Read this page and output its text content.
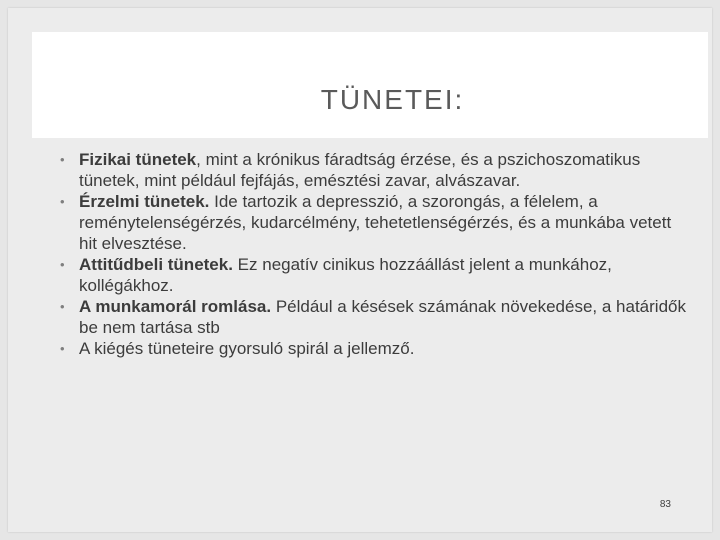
TÜNETEI:
• Fizikai tünetek, mint a krónikus fáradtság érzése, és a pszichoszomatikus tünetek, mint például fejfájás, emésztési zavar, alvászavar.
• Érzelmi tünetek. Ide tartozik a depresszió, a szorongás, a félelem, a reménytelenségérzés, kudarcélmény, tehetetlenségérzés, és a munkába vetett hit elvesztése.
• Attitűdbeli tünetek. Ez negatív cinikus hozzáállást jelent a munkához, kollégákhoz.
• A munkamorál romlása. Például a késések számának növekedése, a határidők be nem tartása stb
• A kiégés tüneteire gyorsuló spirál a jellemző.
83
